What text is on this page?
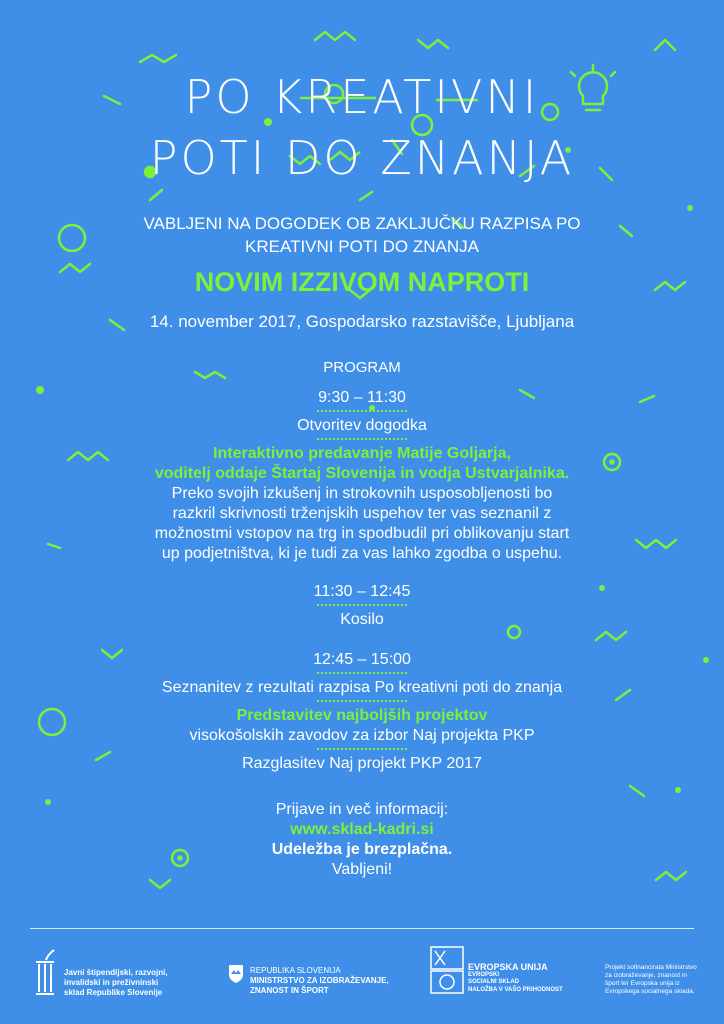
PO KREATIVNI
POTI DO ZNANJA
VABLJENI NA DOGODEK OB ZAKLJUČKU RAZPISA PO
KREATIVNI POTI DO ZNANJA
NOVIM IZZIVOM NAPROTI
14. november 2017, Gospodarsko razstavišče, Ljubljana
PROGRAM
9:30 – 11:30
Otvoritev dogodka
Interaktivno predavanje Matije Goljarja,
voditelj oddaje Štartaj Slovenija in vodja Ustvarjalnika.
Preko svojih izkušenj in strokovnih usposobljenosti bo
razkril skrivnosti trženjskih uspehov ter vas seznanil z
možnostmi vstopov na trg in spodbudil pri oblikovanju start
up podjetništva, ki je tudi za vas lahko zgodba o uspehu.
11:30 – 12:45
Kosilo
12:45 – 15:00
Seznanitev z rezultati razpisa Po kreativni poti do znanja
Predstavitev najboljših projektov
visokošolskih zavodov za izbor Naj projekta PKP
Razglasitev Naj projekt PKP 2017
Prijave in več informacij:
www.sklad-kadri.si
Udeležba je brezplačna.
Vabljeni!
Javni štipendijski, razvojni,
invalidski in preživninski
sklad Republike Slovenije
REPUBLIKA SLOVENIJA
MINISTRSTVO ZA IZOBRAŽEVANJE,
ZNANOST IN ŠPORT
EVROPSKA UNIJA
EVROPSKI
SOCIALNI SKLAD
NALOŽBA V VAŠO PRIHODNOST
Projekt sofinancirata Ministrstvo
za izobraževanje, znanost in
šport ter Evropska unija iz
Evropskega socialnega sklada.
